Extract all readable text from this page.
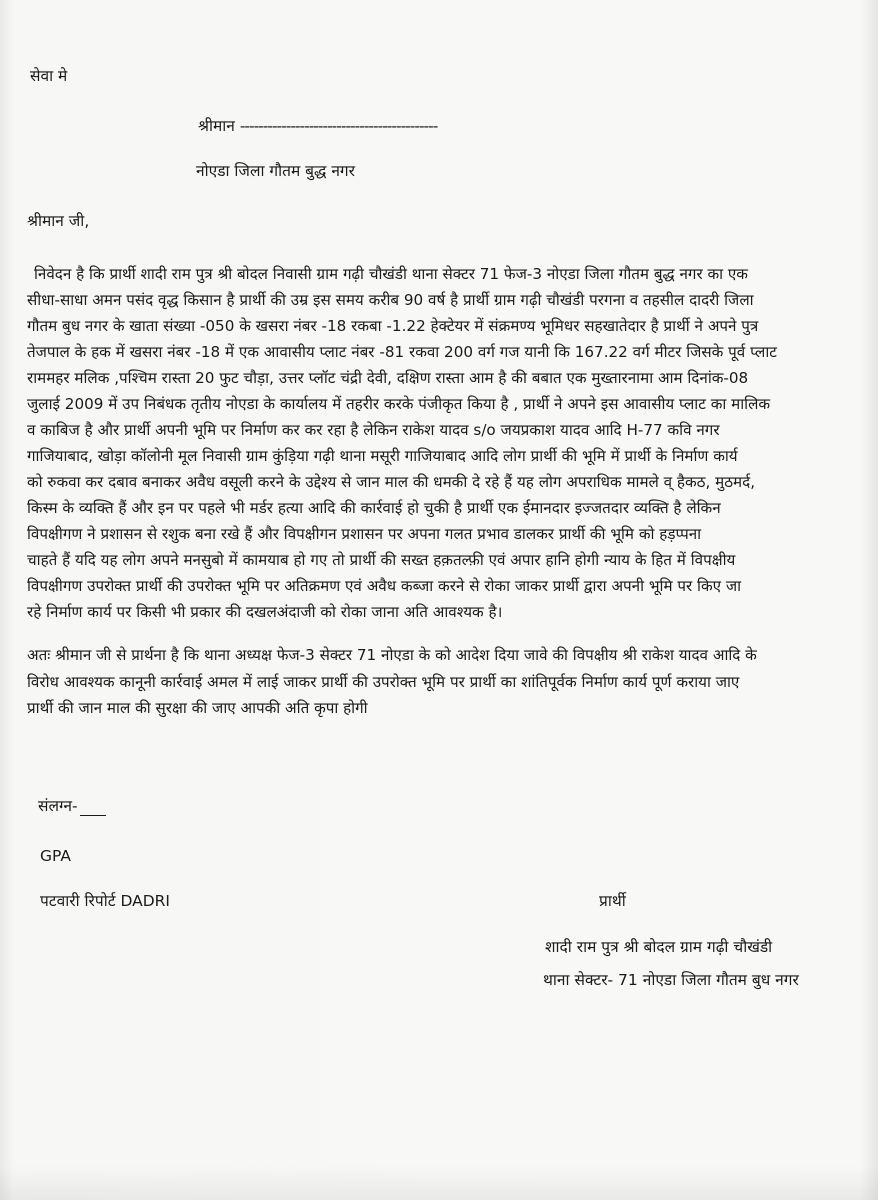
सेवा मे
श्रीमान -------------------------------------------
नोएडा जिला गौतम बुद्ध नगर
श्रीमान जी,
निवेदन है कि प्रार्थी शादी राम पुत्र श्री बोदल निवासी ग्राम गढ़ी चौखंडी थाना सेक्टर 71 फेज-3 नोएडा जिला गौतम बुद्ध नगर का एक
सीधा-साधा अमन पसंद वृद्ध किसान है प्रार्थी की उम्र इस समय करीब 90 वर्ष है प्रार्थी ग्राम गढ़ी चौखंडी परगना व तहसील दादरी जिला
गौतम बुध नगर के खाता संख्या -050 के खसरा नंबर -18 रकबा -1.22 हेक्टेयर में संक्रमण्य भूमिधर सहखातेदार है प्रार्थी ने अपने पुत्र
तेजपाल के हक में खसरा नंबर -18 में एक आवासीय प्लाट नंबर -81 रकवा 200 वर्ग गज यानी कि 167.22 वर्ग मीटर जिसके पूर्व प्लाट
राममहर मलिक ,पश्चिम रास्ता 20 फुट चौड़ा, उत्तर प्लॉट चंद्री देवी, दक्षिण रास्ता आम है की बबात एक मुख्तारनामा आम दिनांक-08
जुलाई 2009 में उप निबंधक तृतीय नोएडा के कार्यालय में तहरीर करके पंजीकृत किया है , प्रार्थी ने अपने इस आवासीय प्लाट का मालिक
व काबिज है और प्रार्थी अपनी भूमि पर निर्माण कर कर रहा है लेकिन राकेश यादव s/o जयप्रकाश यादव आदि H-77 कवि नगर
गाजियाबाद, खोड़ा कॉलोनी मूल निवासी ग्राम कुंड़िया गढ़ी थाना मसूरी गाजियाबाद आदि लोग प्रार्थी की भूमि में प्रार्थी के निर्माण कार्य
को रुकवा कर दबाव बनाकर अवैध वसूली करने के उद्देश्य से जान माल की धमकी दे रहे हैं यह लोग अपराधिक मामले व् हैकठ, मुठमर्द,
किस्म के व्यक्ति हैं और इन पर पहले भी मर्डर हत्या आदि की कार्रवाई हो चुकी है प्रार्थी एक ईमानदार इज्जतदार व्यक्ति है लेकिन
विपक्षीगण ने प्रशासन से रशुक बना रखे हैं और विपक्षीगन प्रशासन पर अपना गलत प्रभाव डालकर प्रार्थी की भूमि को हड़प्पना
चाहते हैं यदि यह लोग अपने मनसुबो में कामयाब हो गए तो प्रार्थी की सख्त हक़तल्फ़ी एवं अपार हानि होगी न्याय के हित में विपक्षीय
विपक्षीगण उपरोक्त प्रार्थी की उपरोक्त भूमि पर अतिक्रमण एवं अवैध कब्जा करने से रोका जाकर प्रार्थी द्वारा अपनी भूमि पर किए जा
रहे निर्माण कार्य पर किसी भी प्रकार की दखलअंदाजी को रोका जाना अति आवश्यक है।
अतः श्रीमान जी से प्रार्थना है कि थाना अध्यक्ष फेज-3 सेक्टर 71 नोएडा के को आदेश दिया जावे की विपक्षीय श्री राकेश यादव आदि के
विरोध आवश्यक कानूनी कार्रवाई अमल में लाई जाकर प्रार्थी की उपरोक्त भूमि पर प्रार्थी का शांतिपूर्वक निर्माण कार्य पूर्ण कराया जाए
प्रार्थी की जान माल की सुरक्षा की जाए आपकी अति कृपा होगी
संलग्न-
GPA
पटवारी रिपोर्ट DADRI	प्रार्थी
शादी राम पुत्र श्री बोदल ग्राम गढ़ी चौखंडी
थाना सेक्टर- 71 नोएडा जिला गौतम बुध नगर
